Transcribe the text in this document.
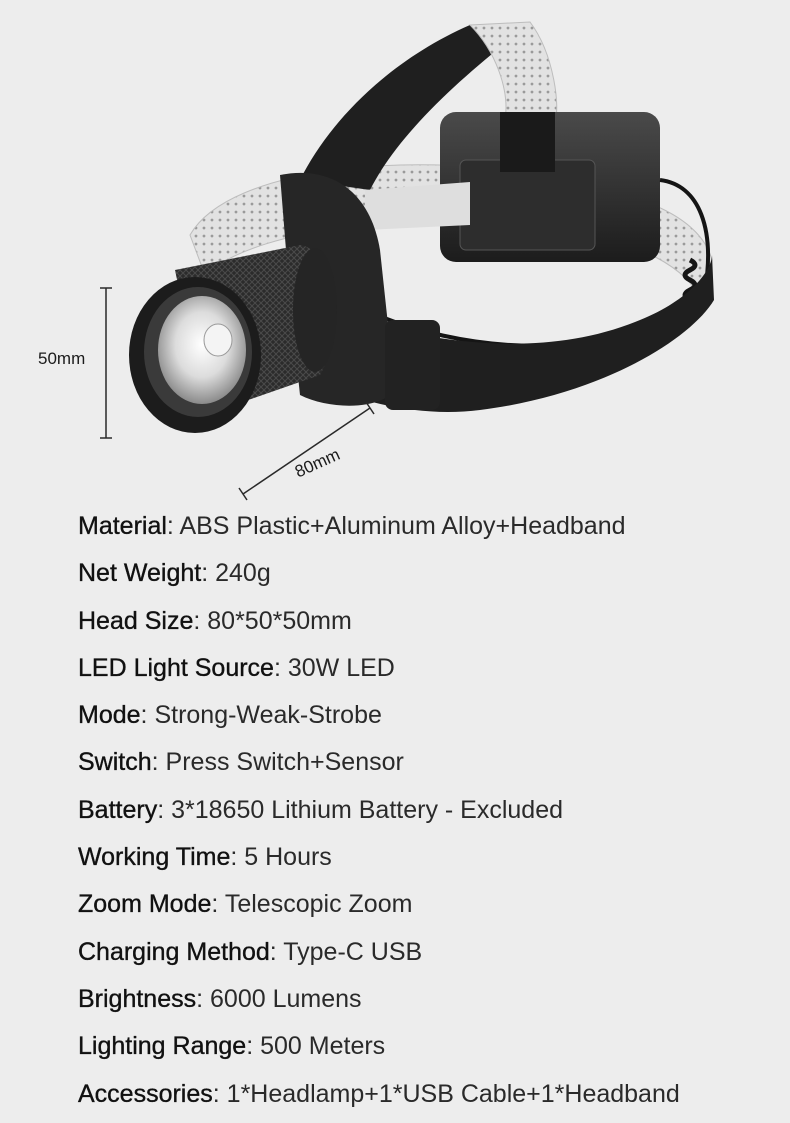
50mm
80mm
Material: ABS Plastic+Aluminum Alloy+Headband
Net Weight: 240g
Head Size: 80*50*50mm
LED Light Source: 30W LED
Mode: Strong-Weak-Strobe
Switch: Press Switch+Sensor
Battery: 3*18650 Lithium Battery - Excluded
Working Time: 5 Hours
Zoom Mode: Telescopic Zoom
Charging Method: Type-C USB
Brightness: 6000 Lumens
Lighting Range: 500 Meters
Accessories: 1*Headlamp+1*USB Cable+1*Headband
